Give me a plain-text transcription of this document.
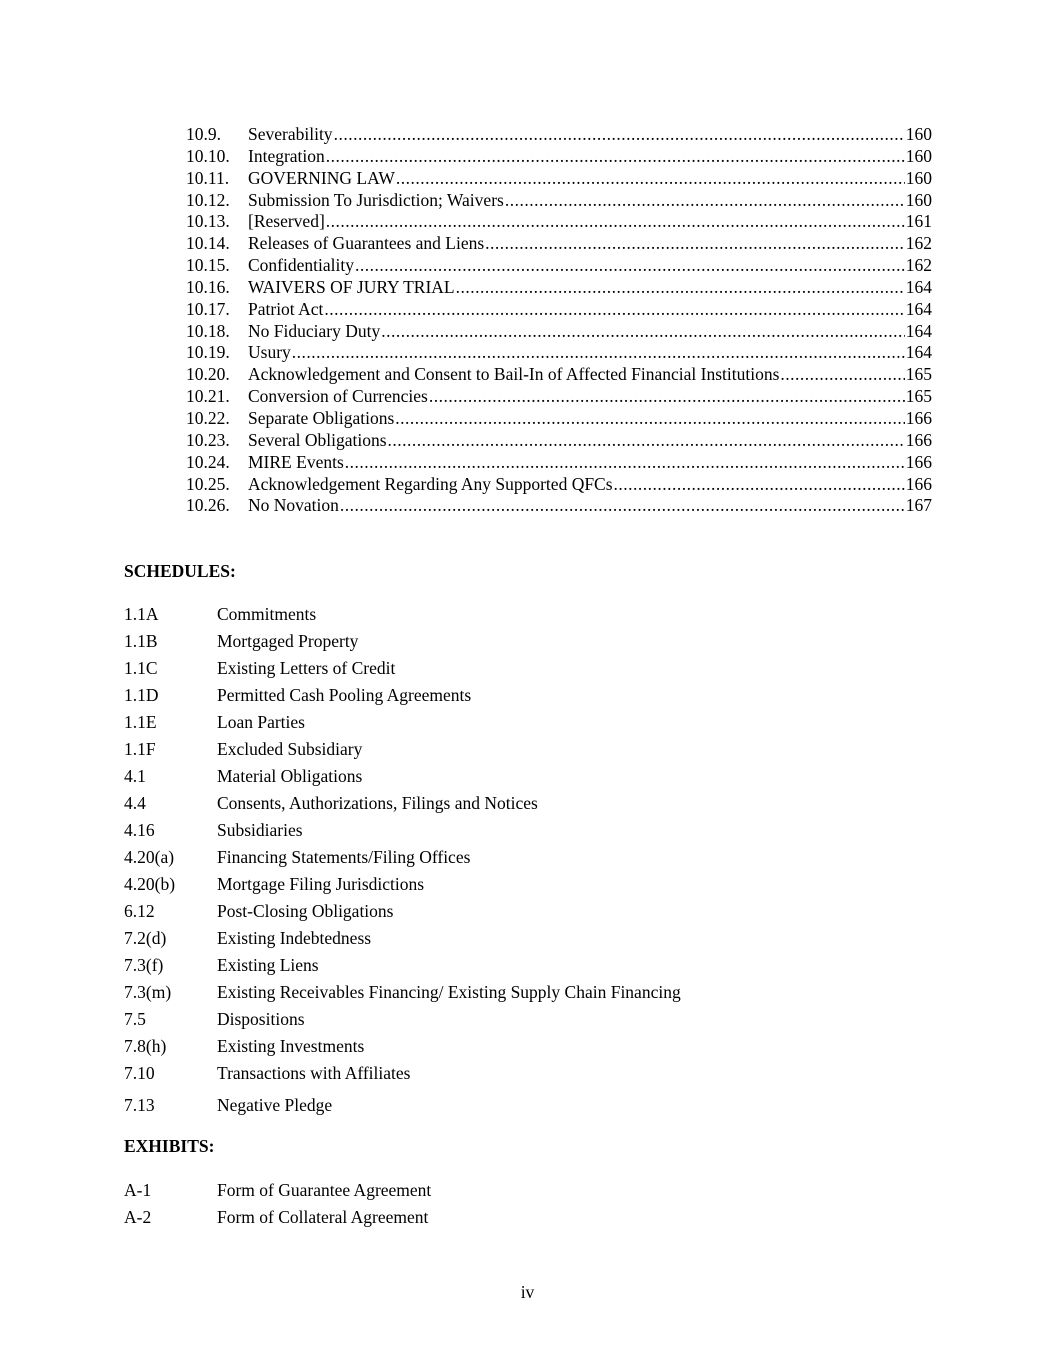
10.9.	Severability .....	160
10.10.	Integration .....	160
10.11.	GOVERNING LAW .....	160
10.12.	Submission To Jurisdiction; Waivers .....	160
10.13.	[Reserved] .....	161
10.14.	Releases of Guarantees and Liens .....	162
10.15.	Confidentiality .....	162
10.16.	WAIVERS OF JURY TRIAL .....	164
10.17.	Patriot Act .....	164
10.18.	No Fiduciary Duty .....	164
10.19.	Usury .....	164
10.20.	Acknowledgement and Consent to Bail-In of Affected Financial Institutions .....	165
10.21.	Conversion of Currencies .....	165
10.22.	Separate Obligations .....	166
10.23.	Several Obligations .....	166
10.24.	MIRE Events .....	166
10.25.	Acknowledgement Regarding Any Supported QFCs .....	166
10.26.	No Novation .....	167
SCHEDULES:
1.1A	Commitments
1.1B	Mortgaged Property
1.1C	Existing Letters of Credit
1.1D	Permitted Cash Pooling Agreements
1.1E	Loan Parties
1.1F	Excluded Subsidiary
4.1	Material Obligations
4.4	Consents, Authorizations, Filings and Notices
4.16	Subsidiaries
4.20(a)	Financing Statements/Filing Offices
4.20(b)	Mortgage Filing Jurisdictions
6.12	Post-Closing Obligations
7.2(d)	Existing Indebtedness
7.3(f)	Existing Liens
7.3(m)	Existing Receivables Financing/ Existing Supply Chain Financing
7.5	Dispositions
7.8(h)	Existing Investments
7.10	Transactions with Affiliates
7.13	Negative Pledge
EXHIBITS:
A-1	Form of Guarantee Agreement
A-2	Form of Collateral Agreement
iv
